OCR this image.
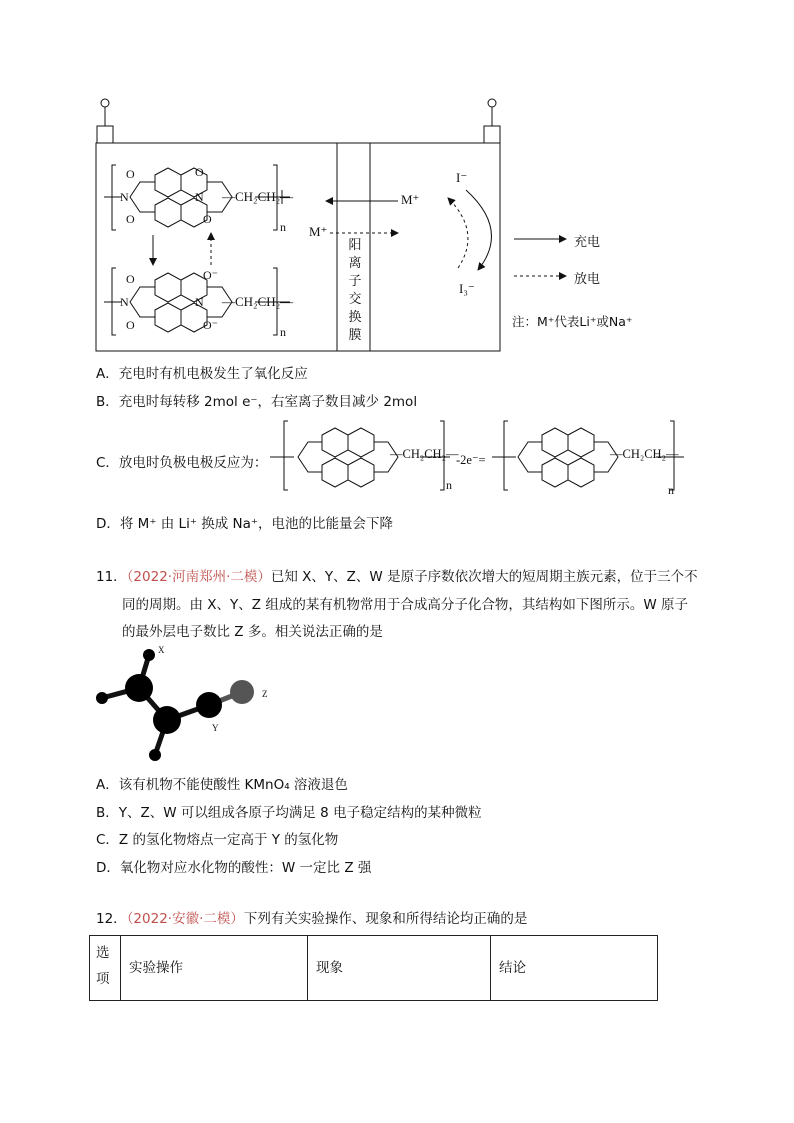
O
O
N	N
O	O
—CH₂CH₂—
n
O	O⁻
N	N
O	O⁻
—CH₂CH₂—
n
M⁺
M⁺
I⁻
I₃⁻
阳
离
子
交
换
膜
充电
放电
注：M⁺代表Li⁺或Na⁺
A．充电时有机电极发生了氧化反应
B．充电时每转移 2mol e⁻，右室离子数目减少 2mol
C．放电时负极电极反应为：
—CH₂CH₂—
n
-2e⁻=	—CH₂CH₂—
n
D．将 M⁺ 由 Li⁺ 换成 Na⁺，电池的比能量会下降
11．（2022·河南郑州·二模）已知 X、Y、Z、W 是原子序数依次增大的短周期主族元素，位于三个不
同的周期。由 X、Y、Z 组成的某有机物常用于合成高分子化合物，其结构如下图所示。W 原子
的最外层电子数比 Z 多。相关说法正确的是
X
Y
Z
A．该有机物不能使酸性 KMnO₄ 溶液退色
B．Y、Z、W 可以组成各原子均满足 8 电子稳定结构的某种微粒
C．Z 的氢化物熔点一定高于 Y 的氢化物
D．氧化物对应水化物的酸性：W 一定比 Z 强
12．（2022·安徽·二模）下列有关实验操作、现象和所得结论均正确的是
选项

实验操作	现象	结论
